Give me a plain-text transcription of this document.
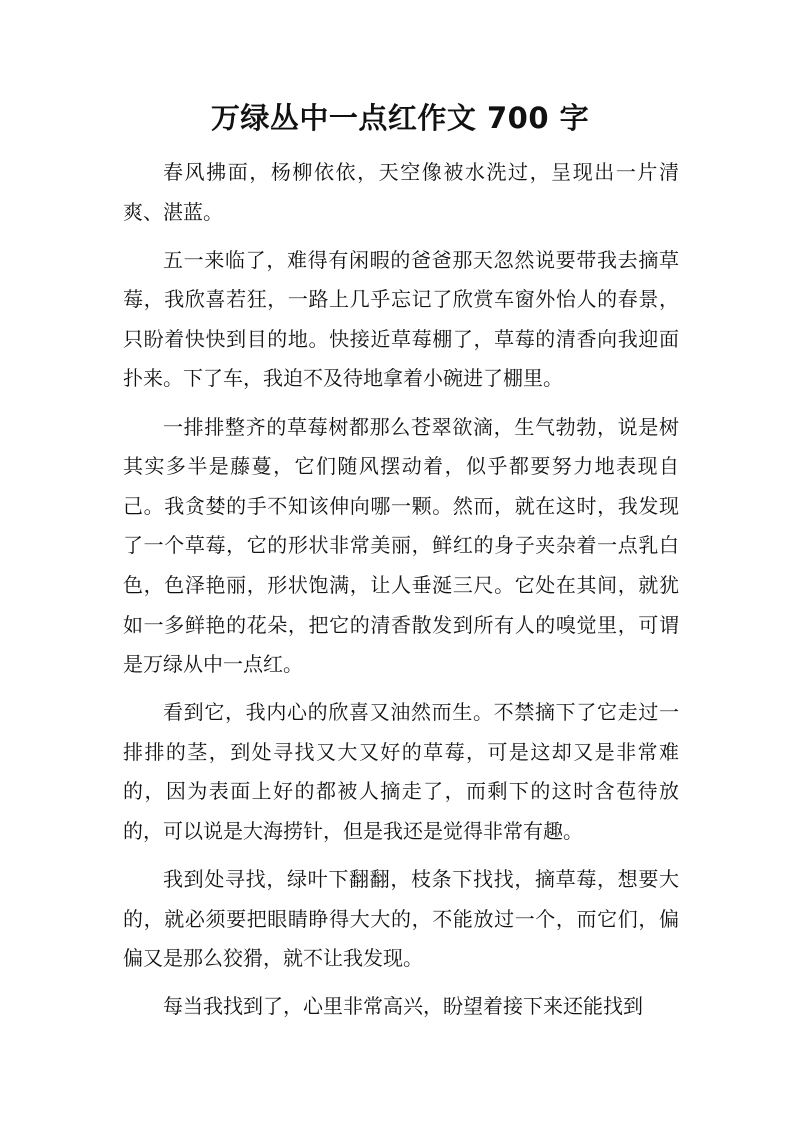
万绿丛中一点红作文 700 字

春风拂面，杨柳依依，天空像被水洗过，呈现出一片清爽、湛蓝。

五一来临了，难得有闲暇的爸爸那天忽然说要带我去摘草莓，我欣喜若狂，一路上几乎忘记了欣赏车窗外怡人的春景，只盼着快快到目的地。快接近草莓棚了，草莓的清香向我迎面扑来。下了车，我迫不及待地拿着小碗进了棚里。

一排排整齐的草莓树都那么苍翠欲滴，生气勃勃，说是树其实多半是藤蔓，它们随风摆动着，似乎都要努力地表现自己。我贪婪的手不知该伸向哪一颗。然而，就在这时，我发现了一个草莓，它的形状非常美丽，鲜红的身子夹杂着一点乳白色，色泽艳丽，形状饱满，让人垂涎三尺。它处在其间，就犹如一多鲜艳的花朵，把它的清香散发到所有人的嗅觉里，可谓是万绿从中一点红。

看到它，我内心的欣喜又油然而生。不禁摘下了它走过一排排的茎，到处寻找又大又好的草莓，可是这却又是非常难的，因为表面上好的都被人摘走了，而剩下的这时含苞待放的，可以说是大海捞针，但是我还是觉得非常有趣。

我到处寻找，绿叶下翻翻，枝条下找找，摘草莓，想要大的，就必须要把眼睛睁得大大的，不能放过一个，而它们，偏偏又是那么狡猾，就不让我发现。

每当我找到了，心里非常高兴，盼望着接下来还能找到
